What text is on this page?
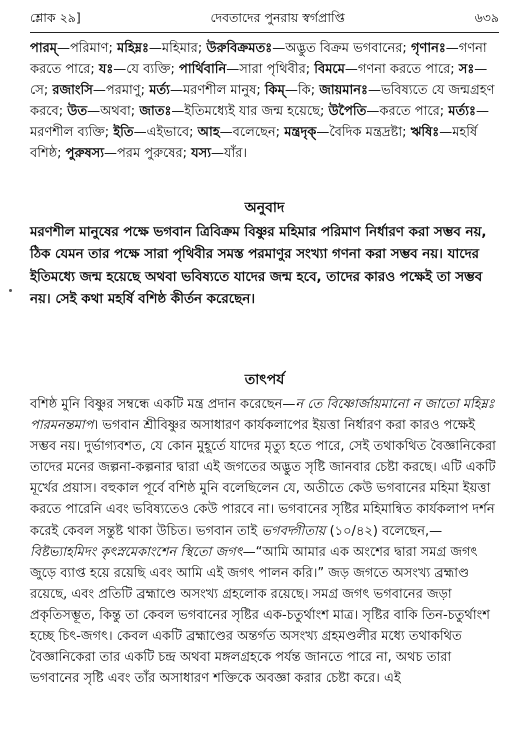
শ্লোক ২৯]	দেবতাদের পুনরায় স্বর্গপ্রাপ্তি	৬৩৯
পারম্—পরিমাণ; মহিম্নঃ—মহিমার; উরুবিক্রমতঃ—অদ্ভুত বিক্রম ভগবানের; গৃণানঃ—গণনা করতে পারে; যঃ—যে ব্যক্তি; পার্থিবানি—সারা পৃথিবীর; বিমমে—গণনা করতে পারে; সঃ—সে; রজাংসি—পরমাণু; মর্ত্য—মরণশীল মানুষ; কিম্—কি; জায়মানঃ—ভবিষ্যতে যে জন্মগ্রহণ করবে; উত—অথবা; জাতঃ—ইতিমধ্যেই যার জন্ম হয়েছে; উপৈতি—করতে পারে; মর্ত্যঃ—মরণশীল ব্যক্তি; ইতি—এইভাবে; আহ—বলেছেন; মন্ত্রদৃক্—বৈদিক মন্ত্রদ্রষ্টা; ঋষিঃ—মহর্ষি বশিষ্ঠ; পুরুষস্য—পরম পুরুষের; যস্য—যাঁর।
অনুবাদ
মরণশীল মানুষের পক্ষে ভগবান ত্রিবিক্রম বিষ্ণুর মহিমার পরিমাণ নির্ধারণ করা সম্ভব নয়, ঠিক যেমন তার পক্ষে সারা পৃথিবীর সমস্ত পরমাণুর সংখ্যা গণনা করা সম্ভব নয়। যাদের ইতিমধ্যে জন্ম হয়েছে অথবা ভবিষ্যতে যাদের জন্ম হবে, তাদের কারও পক্ষেই তা সম্ভব নয়। সেই কথা মহর্ষি বশিষ্ঠ কীর্তন করেছেন।
তাৎপর্য
বশিষ্ঠ মুনি বিষ্ণুর সম্বন্ধে একটি মন্ত্র প্রদান করেছেন—ন তে বিষ্ণোর্জায়মানো ন জাতো মহিম্নঃ পারমনন্তমাপ। ভগবান শ্রীবিষ্ণুর অসাধারণ কার্যকলাপের ইয়ত্তা নির্ধারণ করা কারও পক্ষেই সম্ভব নয়। দুর্ভাগ্যবশত, যে কোন মুহূর্তে যাদের মৃত্যু হতে পারে, সেই তথাকথিত বৈজ্ঞানিকেরা তাদের মনের জল্পনা-কল্পনার দ্বারা এই জগতের অদ্ভুত সৃষ্টি জানবার চেষ্টা করছে। এটি একটি মূর্খের প্রয়াস। বহুকাল পূর্বে বশিষ্ঠ মুনি বলেছিলেন যে, অতীতে কেউ ভগবানের মহিমা ইয়ত্তা করতে পারেনি এবং ভবিষ্যতেও কেউ পারবে না। ভগবানের সৃষ্টির মহিমান্বিত কার্যকলাপ দর্শন করেই কেবল সন্তুষ্ট থাকা উচিত। ভগবান তাই ভগবদ্গীতায় (১০/৪২) বলেছেন,—বিষ্টভ্যাহমিদং কৃৎস্নমেকাংশেন স্থিতো জগৎ—“আমি আমার এক অংশের দ্বারা সমগ্র জগৎ জুড়ে ব্যাপ্ত হয়ে রয়েছি এবং আমি এই জগৎ পালন করি।” জড় জগতে অসংখ্য ব্রহ্মাণ্ড রয়েছে, এবং প্রতিটি ব্রহ্মাণ্ডে অসংখ্য গ্রহলোক রয়েছে। সমগ্র জগৎ ভগবানের জড়া প্রকৃতিসম্ভূত, কিন্তু তা কেবল ভগবানের সৃষ্টির এক-চতুর্থাংশ মাত্র। সৃষ্টির বাকি তিন-চতুর্থাংশ হচ্ছে চিৎ-জগৎ। কেবল একটি ব্রহ্মাণ্ডের অন্তর্গত অসংখ্য গ্রহমণ্ডলীর মধ্যে তথাকথিত বৈজ্ঞানিকেরা তার একটি চন্দ্র অথবা মঙ্গলগ্রহকে পর্যন্ত জানতে পারে না, অথচ তারা ভগবানের সৃষ্টি এবং তাঁর অসাধারণ শক্তিকে অবজ্ঞা করার চেষ্টা করে। এই
